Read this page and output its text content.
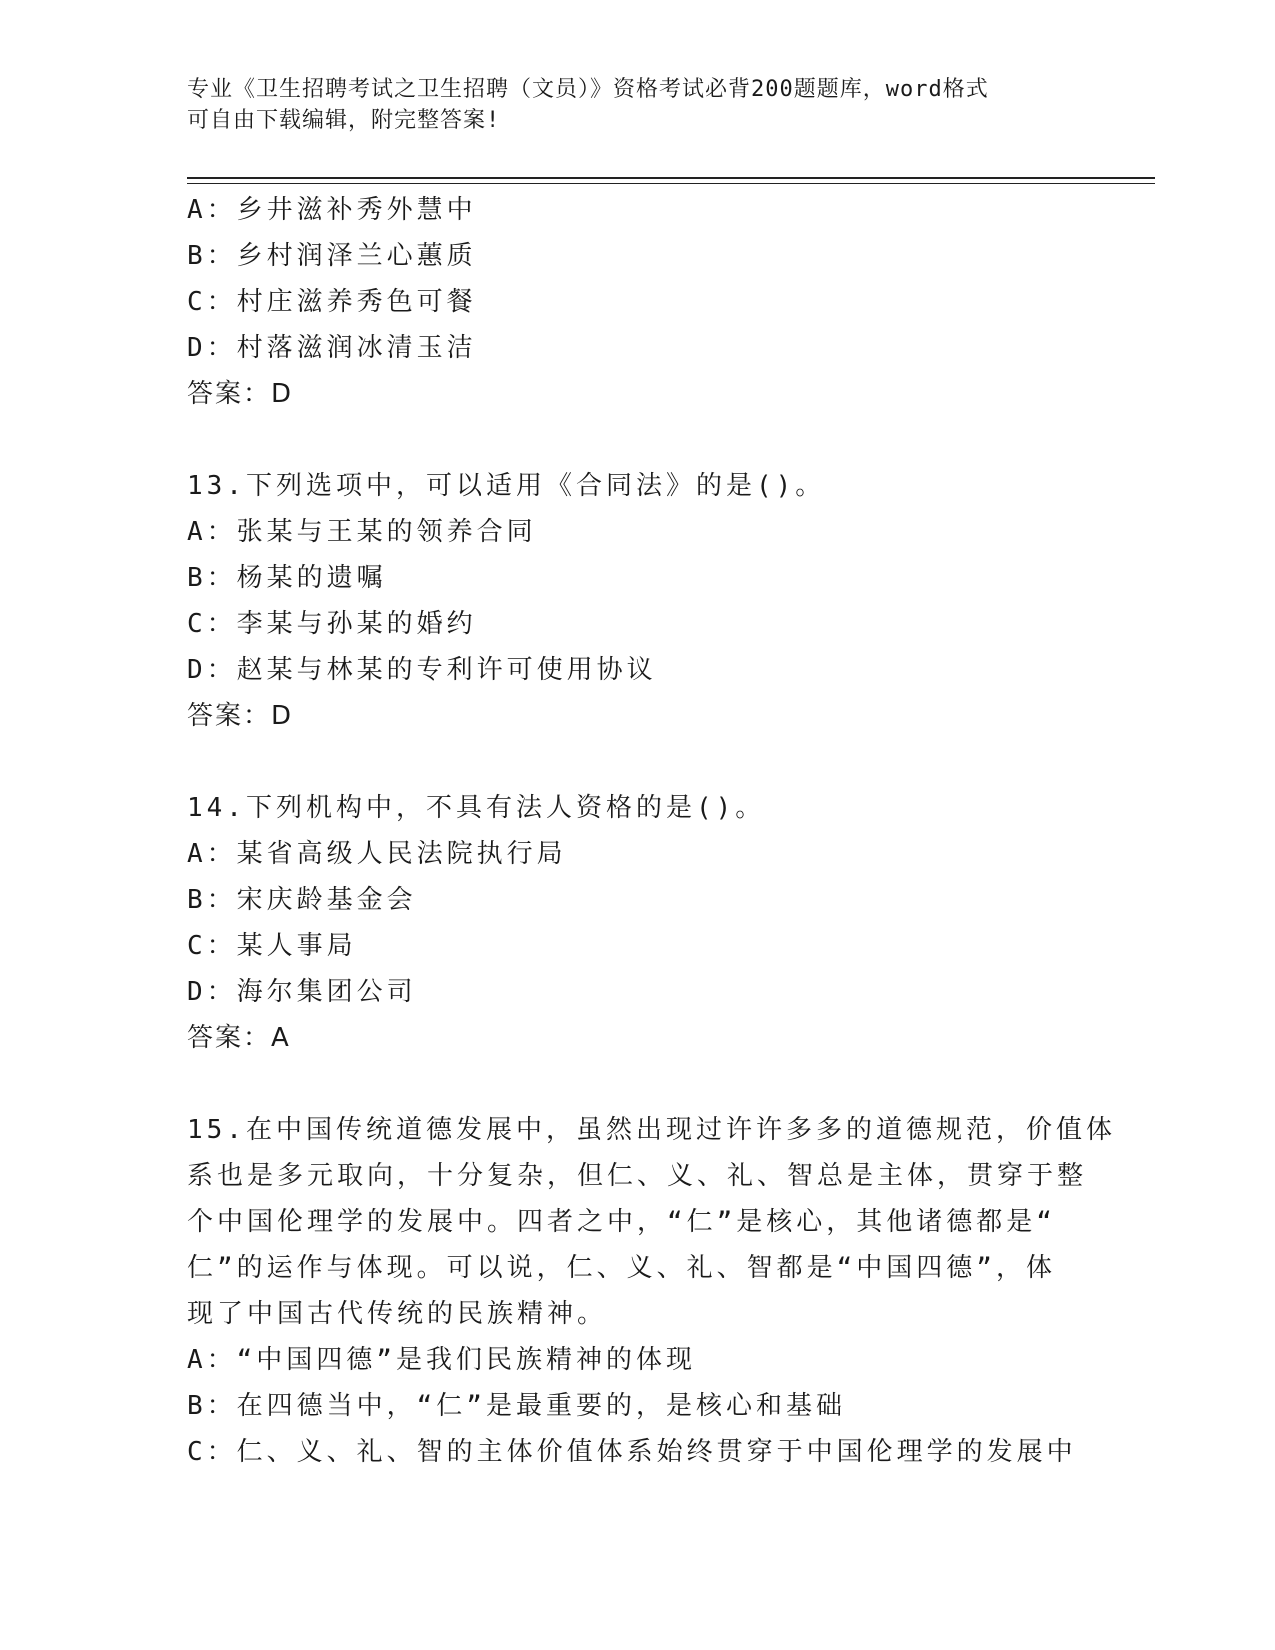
专业《卫生招聘考试之卫生招聘（文员）》资格考试必背200题题库，word格式
可自由下载编辑，附完整答案!
A：乡井滋补秀外慧中
B：乡村润泽兰心蕙质
C：村庄滋养秀色可餐
D：村落滋润冰清玉洁
答案：D
13.下列选项中，可以适用《合同法》的是()。
A：张某与王某的领养合同
B：杨某的遗嘱
C：李某与孙某的婚约
D：赵某与林某的专利许可使用协议
答案：D
14.下列机构中，不具有法人资格的是()。
A：某省高级人民法院执行局
B：宋庆龄基金会
C：某人事局
D：海尔集团公司
答案：A
15.在中国传统道德发展中，虽然出现过许许多多的道德规范，价值体
系也是多元取向，十分复杂，但仁、义、礼、智总是主体，贯穿于整
个中国伦理学的发展中。四者之中，“仁”是核心，其他诸德都是“
仁”的运作与体现。可以说，仁、义、礼、智都是“中国四德”，体
现了中国古代传统的民族精神。
A：“中国四德”是我们民族精神的体现
B：在四德当中，“仁”是最重要的，是核心和基础
C：仁、义、礼、智的主体价值体系始终贯穿于中国伦理学的发展中
